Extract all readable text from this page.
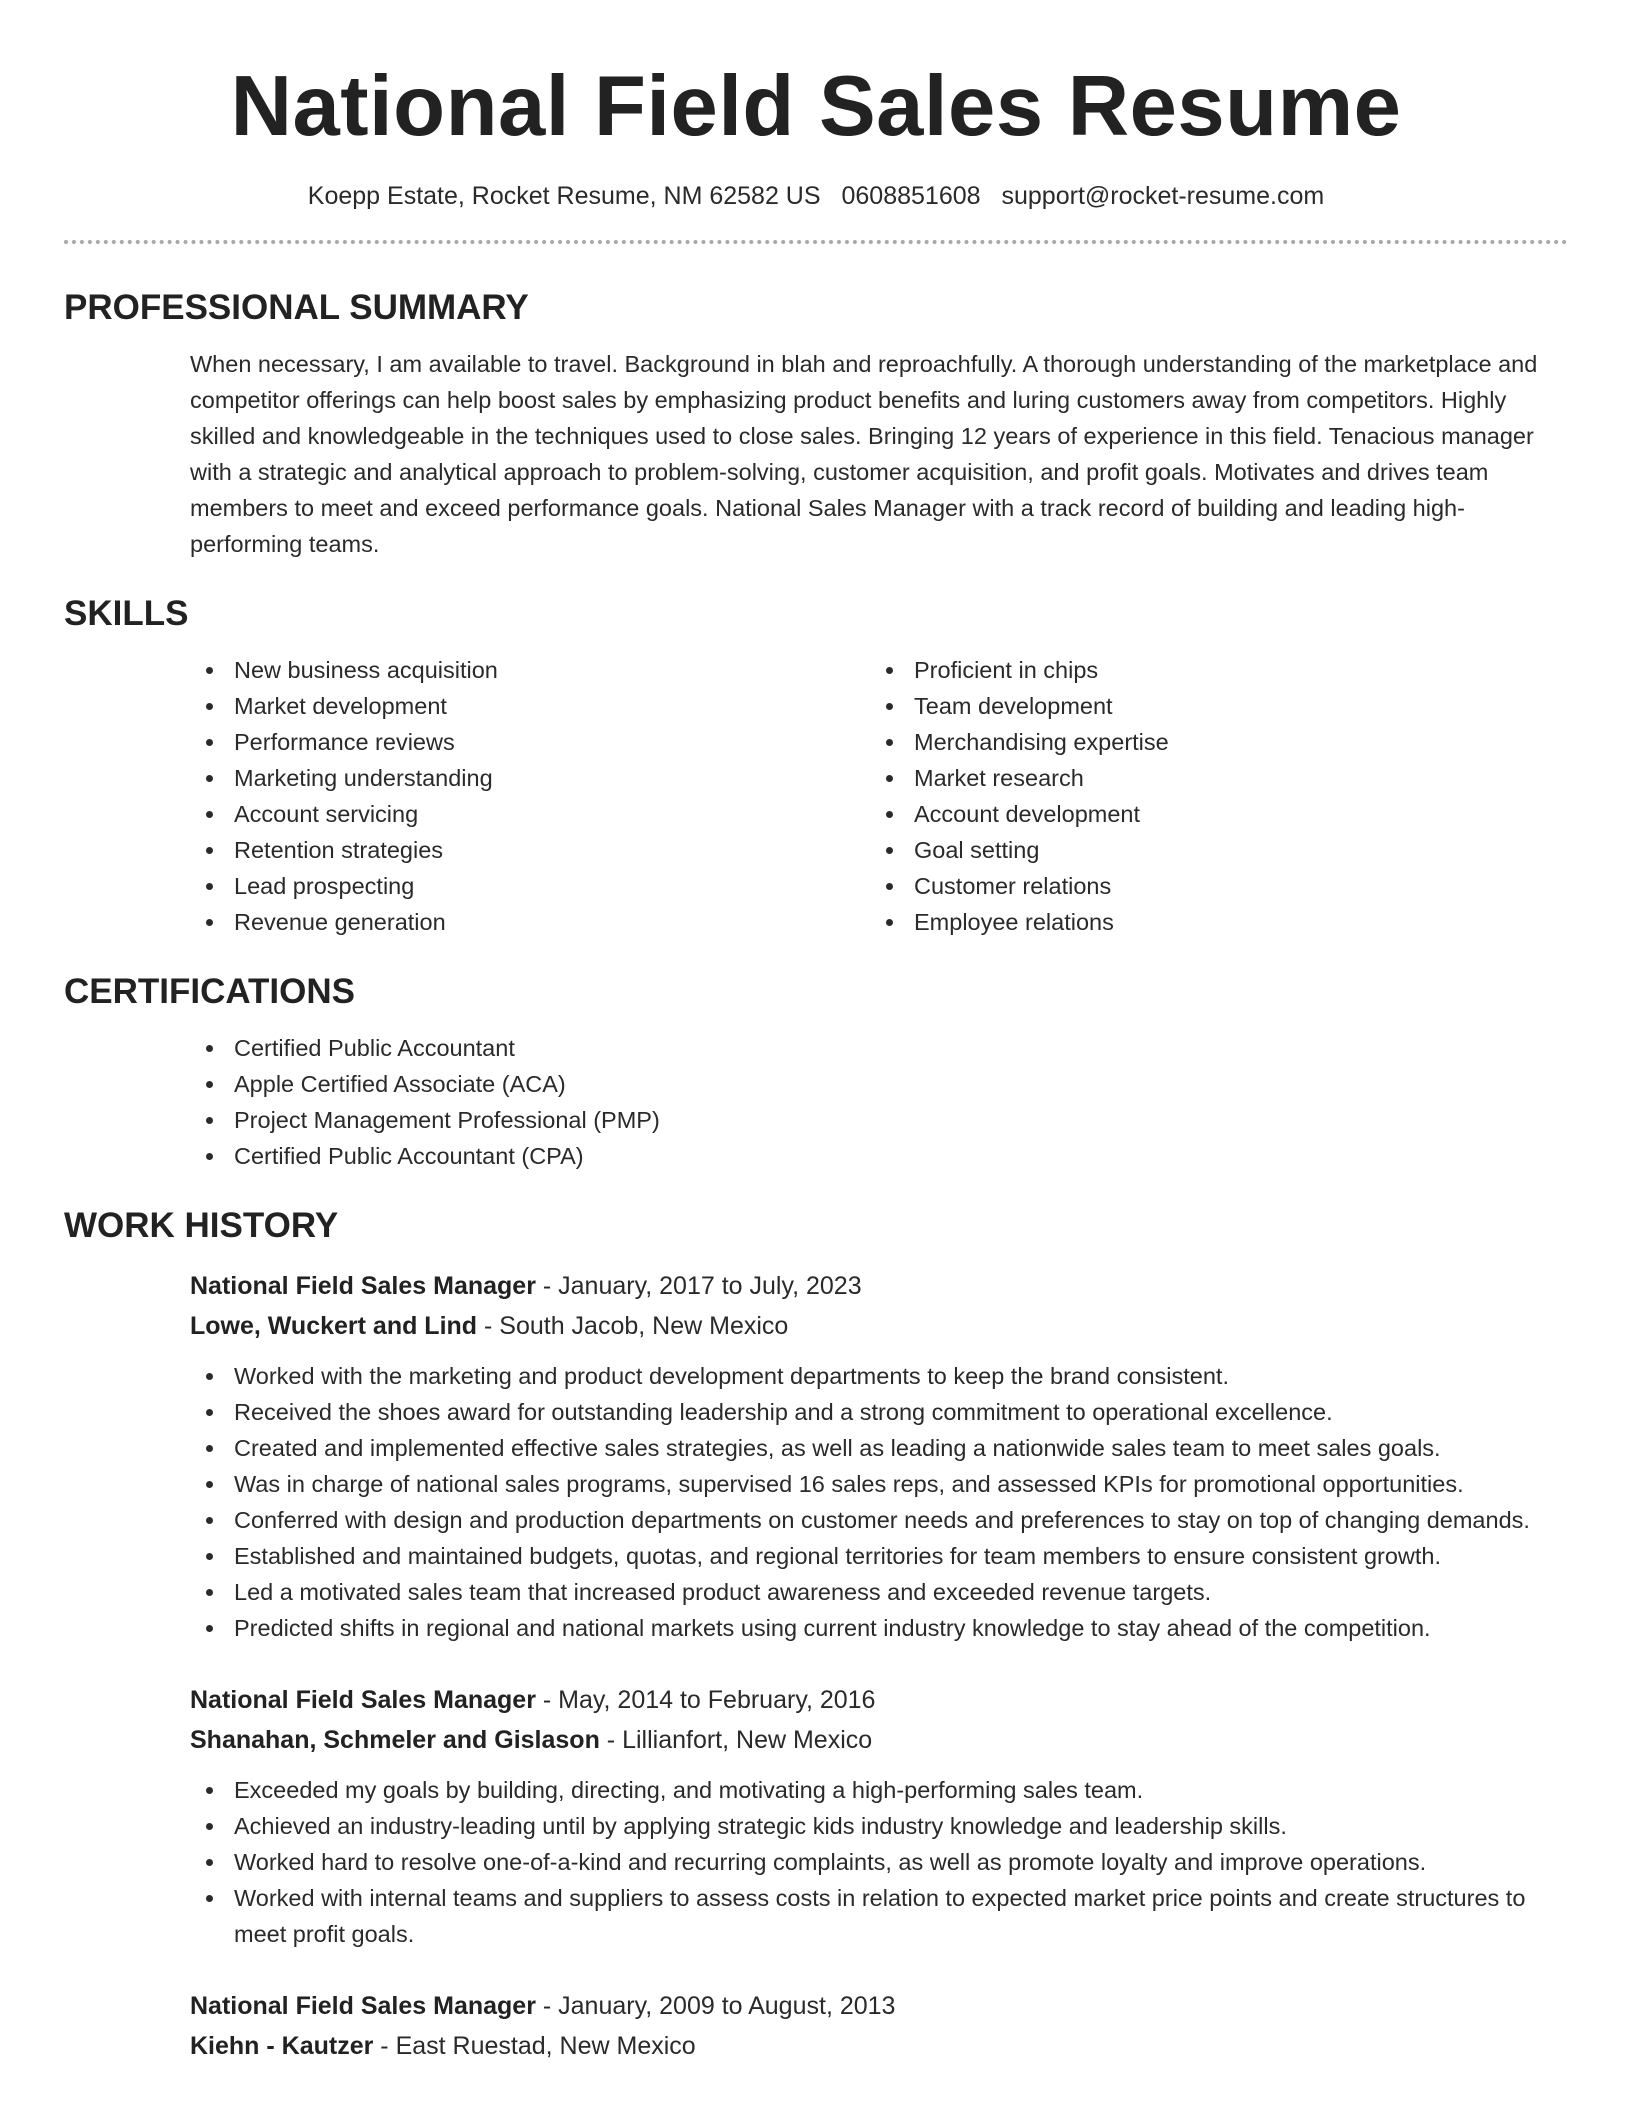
National Field Sales Resume
Koepp Estate, Rocket Resume, NM 62582 US 0608851608 support@rocket-resume.com
PROFESSIONAL SUMMARY

When necessary, I am available to travel. Background in blah and reproachfully. A thorough understanding of the marketplace and competitor offerings can help boost sales by emphasizing product benefits and luring customers away from competitors. Highly skilled and knowledgeable in the techniques used to close sales. Bringing 12 years of experience in this field. Tenacious manager with a strategic and analytical approach to problem-solving, customer acquisition, and profit goals. Motivates and drives team members to meet and exceed performance goals. National Sales Manager with a track record of building and leading high-performing teams.

SKILLS
New business acquisition
Market development
Performance reviews
Marketing understanding
Account servicing
Retention strategies
Lead prospecting
Revenue generation
Proficient in chips
Team development
Merchandising expertise
Market research
Account development
Goal setting
Customer relations
Employee relations
CERTIFICATIONS
Certified Public Accountant
Apple Certified Associate (ACA)
Project Management Professional (PMP)
Certified Public Accountant (CPA)
WORK HISTORY
National Field Sales Manager - January, 2017 to July, 2023
Lowe, Wuckert and Lind - South Jacob, New Mexico
Worked with the marketing and product development departments to keep the brand consistent.
Received the shoes award for outstanding leadership and a strong commitment to operational excellence.
Created and implemented effective sales strategies, as well as leading a nationwide sales team to meet sales goals.
Was in charge of national sales programs, supervised 16 sales reps, and assessed KPIs for promotional opportunities.
Conferred with design and production departments on customer needs and preferences to stay on top of changing demands.
Established and maintained budgets, quotas, and regional territories for team members to ensure consistent growth.
Led a motivated sales team that increased product awareness and exceeded revenue targets.
Predicted shifts in regional and national markets using current industry knowledge to stay ahead of the competition.
National Field Sales Manager - May, 2014 to February, 2016
Shanahan, Schmeler and Gislason - Lillianfort, New Mexico
Exceeded my goals by building, directing, and motivating a high-performing sales team.
Achieved an industry-leading until by applying strategic kids industry knowledge and leadership skills.
Worked hard to resolve one-of-a-kind and recurring complaints, as well as promote loyalty and improve operations.
Worked with internal teams and suppliers to assess costs in relation to expected market price points and create structures to meet profit goals.
National Field Sales Manager - January, 2009 to August, 2013
Kiehn - Kautzer - East Ruestad, New Mexico
